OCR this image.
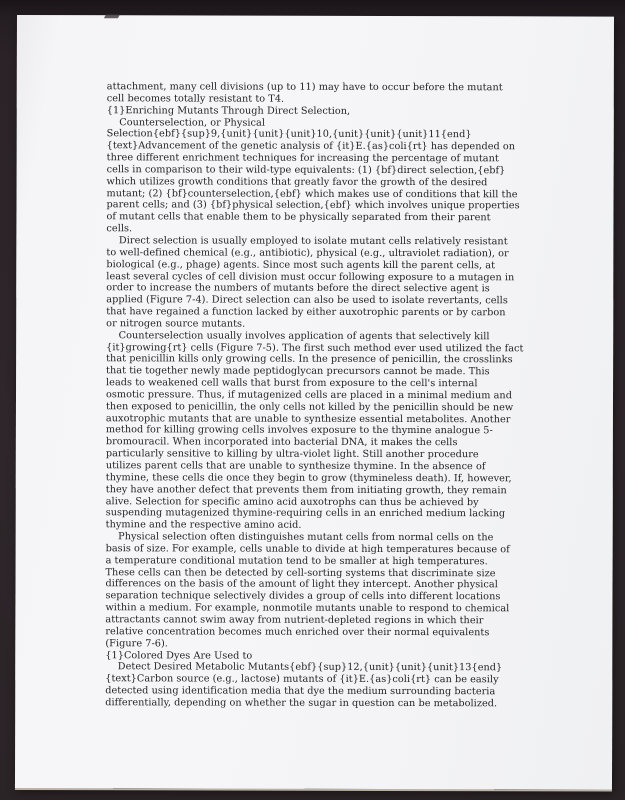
attachment, many cell divisions (up to 11) may have to occur before the mutant
cell becomes totally resistant to T4.
{1}Enriching Mutants Through Direct Selection,
Counterselection, or Physical
Selection{ebf}{sup}9,{unit}{unit}{unit}10,{unit}{unit}{unit}11{end}
{text}Advancement of the genetic analysis of {it}E.{as}coli{rt} has depended on
three different enrichment techniques for increasing the percentage of mutant
cells in comparison to their wild-type equivalents: (1) {bf}direct selection,{ebf}
which utilizes growth conditions that greatly favor the growth of the desired
mutant; (2) {bf}counterselection,{ebf} which makes use of conditions that kill the
parent cells; and (3) {bf}physical selection,{ebf} which involves unique properties
of mutant cells that enable them to be physically separated from their parent
cells.
Direct selection is usually employed to isolate mutant cells relatively resistant
to well-defined chemical (e.g., antibiotic), physical (e.g., ultraviolet radiation), or
biological (e.g., phage) agents. Since most such agents kill the parent cells, at
least several cycles of cell division must occur following exposure to a mutagen in
order to increase the numbers of mutants before the direct selective agent is
applied (Figure 7-4). Direct selection can also be used to isolate revertants, cells
that have regained a function lacked by either auxotrophic parents or by carbon
or nitrogen source mutants.
Counterselection usually involves application of agents that selectively kill
{it}growing{rt} cells (Figure 7-5). The first such method ever used utilized the fact
that penicillin kills only growing cells. In the presence of penicillin, the crosslinks
that tie together newly made peptidoglycan precursors cannot be made. This
leads to weakened cell walls that burst from exposure to the cell's internal
osmotic pressure. Thus, if mutagenized cells are placed in a minimal medium and
then exposed to penicillin, the only cells not killed by the penicillin should be new
auxotrophic mutants that are unable to synthesize essential metabolites. Another
method for killing growing cells involves exposure to the thymine analogue 5-
bromouracil. When incorporated into bacterial DNA, it makes the cells
particularly sensitive to killing by ultra-violet light. Still another procedure
utilizes parent cells that are unable to synthesize thymine. In the absence of
thymine, these cells die once they begin to grow (thymineless death). If, however,
they have another defect that prevents them from initiating growth, they remain
alive. Selection for specific amino acid auxotrophs can thus be achieved by
suspending mutagenized thymine-requiring cells in an enriched medium lacking
thymine and the respective amino acid.
Physical selection often distinguishes mutant cells from normal cells on the
basis of size. For example, cells unable to divide at high temperatures because of
a temperature conditional mutation tend to be smaller at high temperatures.
These cells can then be detected by cell-sorting systems that discriminate size
differences on the basis of the amount of light they intercept. Another physical
separation technique selectively divides a group of cells into different locations
within a medium. For example, nonmotile mutants unable to respond to chemical
attractants cannot swim away from nutrient-depleted regions in which their
relative concentration becomes much enriched over their normal equivalents
(Figure 7-6).
{1}Colored Dyes Are Used to
Detect Desired Metabolic Mutants{ebf}{sup}12,{unit}{unit}{unit}13{end}
{text}Carbon source (e.g., lactose) mutants of {it}E.{as}coli{rt} can be easily
detected using identification media that dye the medium surrounding bacteria
differentially, depending on whether the sugar in question can be metabolized.
